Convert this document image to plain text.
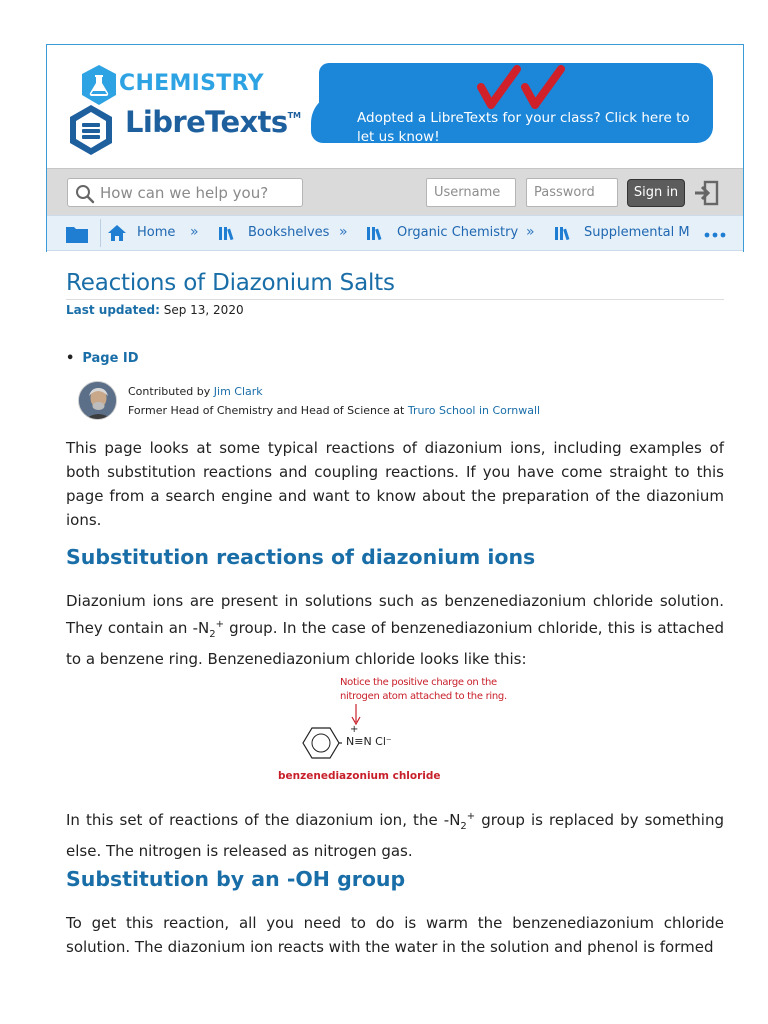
CHEMISTRY
LibreTexts™	Adopted a LibreTexts for your class? Click here to let us know!
How can we help you?
Username
Sign in
Home »	Bookshelves »	Organic Chemistry »	Supplemental M
Reactions of Diazonium Salts
Last updated: Sep 13, 2020
• Page ID
Contributed by Jim Clark
Former Head of Chemistry and Head of Science at Truro School in Cornwall

This page looks at some typical reactions of diazonium ions, including examples of both substitution reactions and coupling reactions. If you have come straight to this page from a search engine and want to know about the preparation of the diazonium ions.

Substitution reactions of diazonium ions

Diazonium ions are present in solutions such as benzenediazonium chloride solution. They contain an $-N_2^+$ group. In the case of benzenediazonium chloride, this is attached to a benzene ring. Benzenediazonium chloride looks like this:

Notice the positive charge on the nitrogen atom attached to the ring.
+
N≡N Cl⁻
benzenediazonium chloride

In this set of reactions of the diazonium ion, the $-N_2^+$ group is replaced by something else. The nitrogen is released as nitrogen gas.

Substitution by an -OH group

To get this reaction, all you need to do is warm the benzenediazonium chloride solution. The diazonium ion reacts with the water in the solution and phenol is formed
